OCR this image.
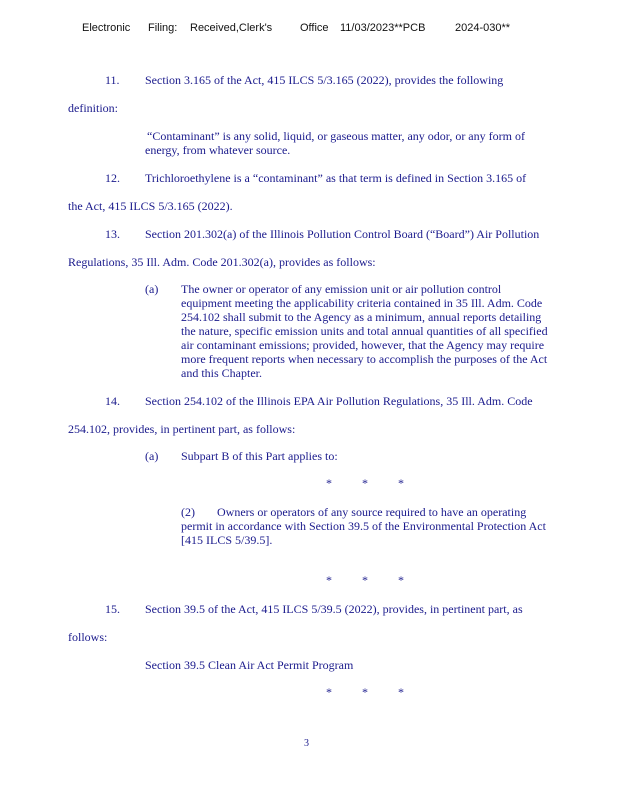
Electronic Filing: Received,Clerk's	Office 11/03/2023**PCB	2024-030**
11. Section 3.165 of the Act, 415 ILCS 5/3.165 (2022), provides the following
definition:
“Contaminant” is any solid, liquid, or gaseous matter, any odor, or any form of
energy, from whatever source.
12. Trichloroethylene is a “contaminant” as that term is defined in Section 3.165 of
the Act, 415 ILCS 5/3.165 (2022).
13. Section 201.302(a) of the Illinois Pollution Control Board (“Board”) Air Pollution
Regulations, 35 Ill. Adm. Code 201.302(a), provides as follows:
(a) The owner or operator of any emission unit or air pollution control
equipment meeting the applicability criteria contained in 35 Ill. Adm. Code
254.102 shall submit to the Agency as a minimum, annual reports detailing
the nature, specific emission units and total annual quantities of all specified
air contaminant emissions; provided, however, that the Agency may require
more frequent reports when necessary to accomplish the purposes of the Act
and this Chapter.
14. Section 254.102 of the Illinois EPA Air Pollution Regulations, 35 Ill. Adm. Code
254.102, provides, in pertinent part, as follows:
(a) Subpart B of this Part applies to:
*	*	*
(2) Owners or operators of any source required to have an operating
permit in accordance with Section 39.5 of the Environmental Protection Act
[415 ILCS 5/39.5].
*	*	*
15. Section 39.5 of the Act, 415 ILCS 5/39.5 (2022), provides, in pertinent part, as
follows:
Section 39.5 Clean Air Act Permit Program
*	*	*
3
